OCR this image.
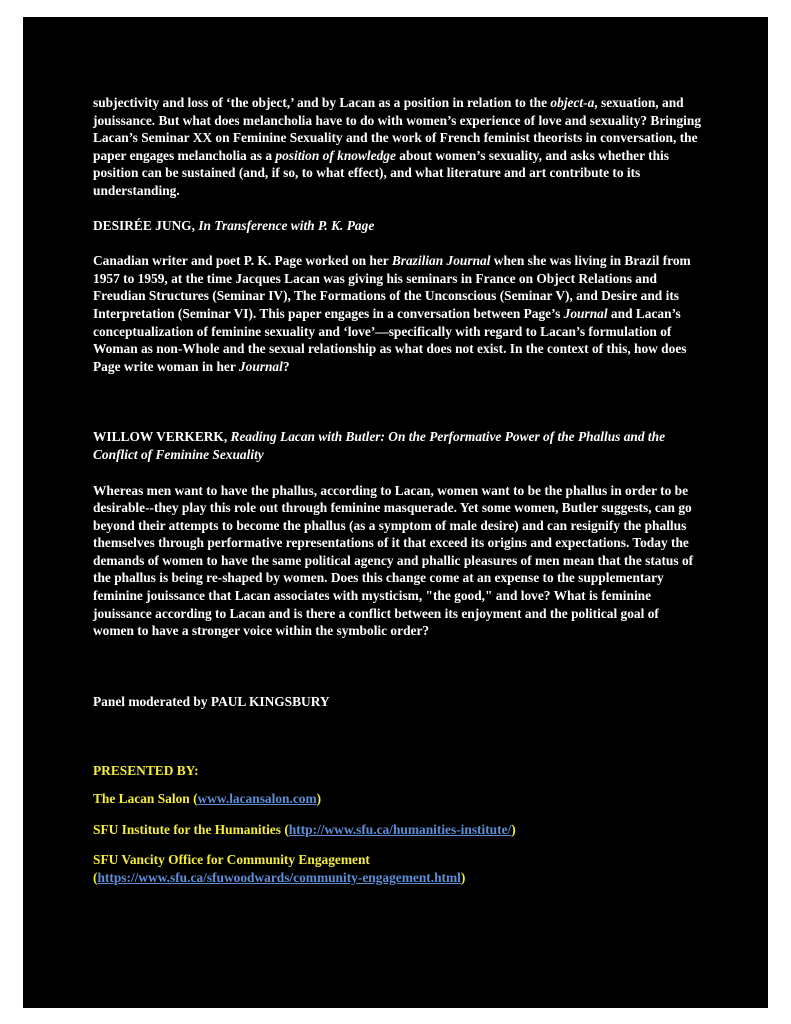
subjectivity and loss of ‘the object,’ and by Lacan as a position in relation to the object-a, sexuation, and jouissance. But what does melancholia have to do with women’s experience of love and sexuality? Bringing Lacan’s Seminar XX on Feminine Sexuality and the work of French feminist theorists in conversation, the paper engages melancholia as a position of knowledge about women’s sexuality, and asks whether this position can be sustained (and, if so, to what effect), and what literature and art contribute to its understanding.

DESIRÉE JUNG, In Transference with P. K. Page

Canadian writer and poet P. K. Page worked on her Brazilian Journal when she was living in Brazil from 1957 to 1959, at the time Jacques Lacan was giving his seminars in France on Object Relations and Freudian Structures (Seminar IV), The Formations of the Unconscious (Seminar V), and Desire and its Interpretation (Seminar VI). This paper engages in a conversation between Page’s Journal and Lacan’s conceptualization of feminine sexuality and ‘love’—specifically with regard to Lacan’s formulation of Woman as non-Whole and the sexual relationship as what does not exist. In the context of this, how does Page write woman in her Journal?

WILLOW VERKERK, Reading Lacan with Butler: On the Performative Power of the Phallus and the Conflict of Feminine Sexuality

Whereas men want to have the phallus, according to Lacan, women want to be the phallus in order to be desirable--they play this role out through feminine masquerade. Yet some women, Butler suggests, can go beyond their attempts to become the phallus (as a symptom of male desire) and can resignify the phallus themselves through performative representations of it that exceed its origins and expectations. Today the demands of women to have the same political agency and phallic pleasures of men mean that the status of the phallus is being re-shaped by women. Does this change come at an expense to the supplementary feminine jouissance that Lacan associates with mysticism, "the good," and love? What is feminine jouissance according to Lacan and is there a conflict between its enjoyment and the political goal of women to have a stronger voice within the symbolic order?

Panel moderated by PAUL KINGSBURY

PRESENTED BY:

The Lacan Salon (www.lacansalon.com)

SFU Institute for the Humanities (http://www.sfu.ca/humanities-institute/)

SFU Vancity Office for Community Engagement
(https://www.sfu.ca/sfuwoodwards/community-engagement.html)
